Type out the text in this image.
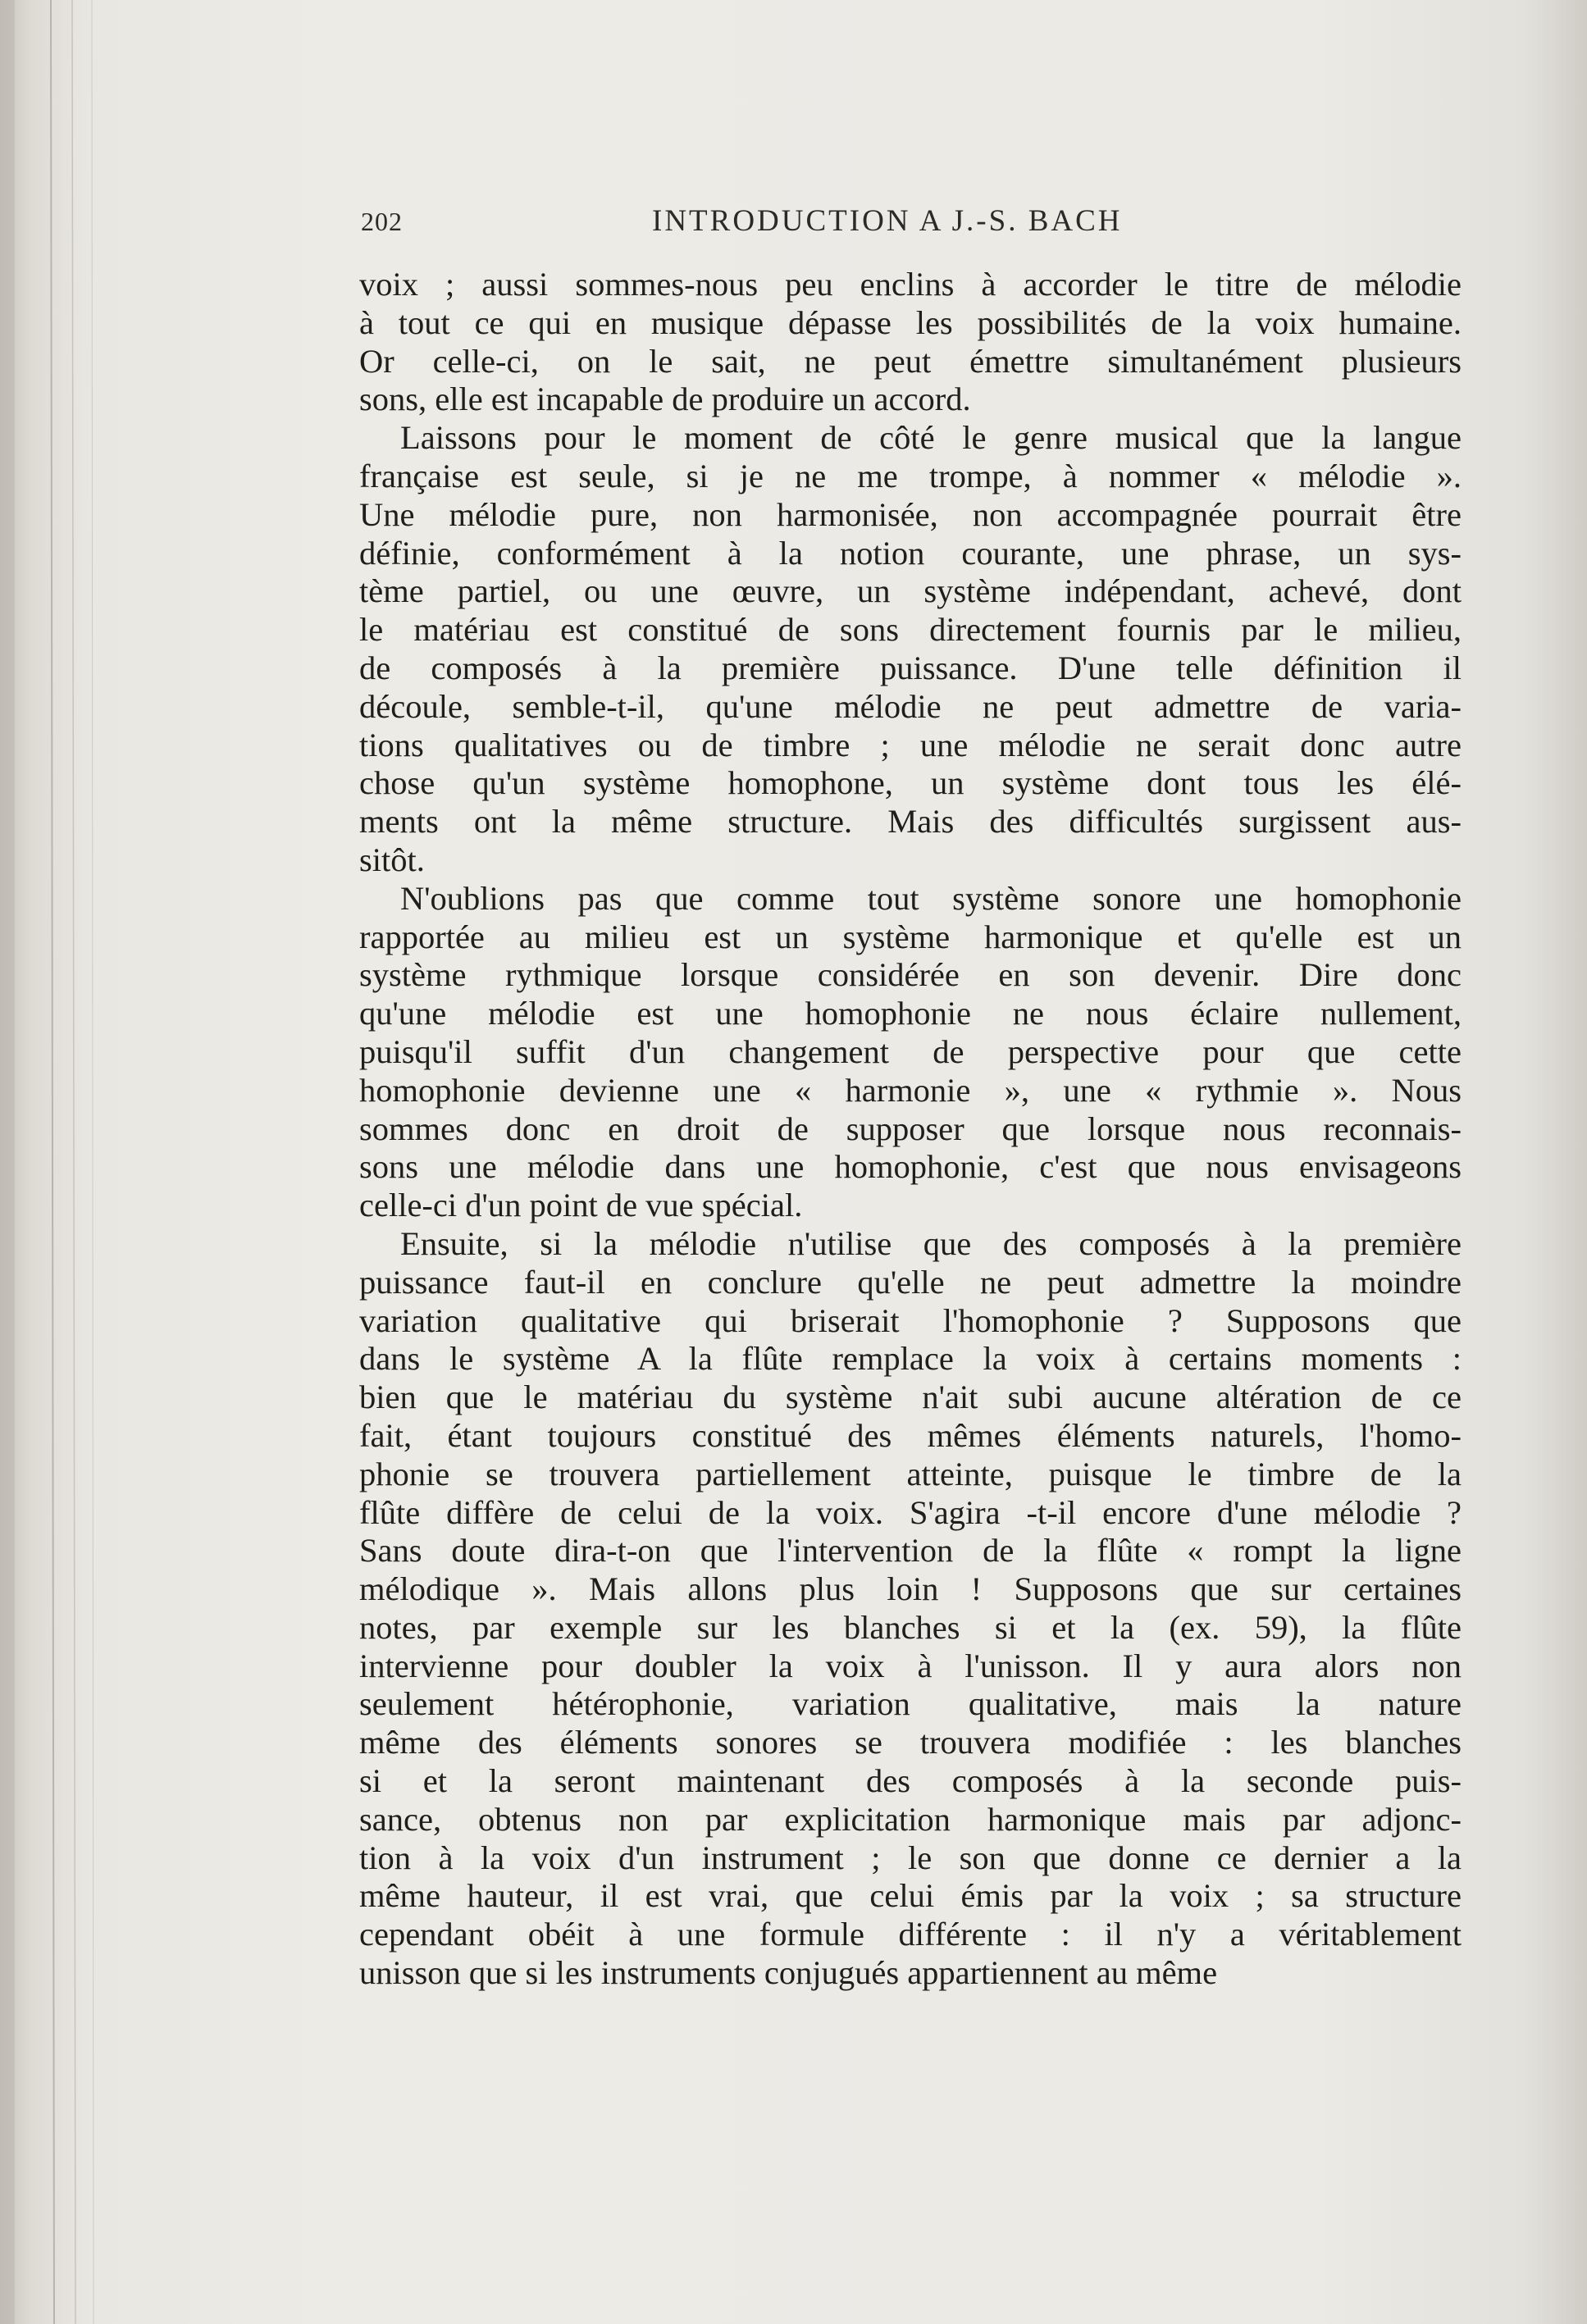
202	INTRODUCTION A J.-S. BACH
voix ; aussi sommes-nous peu enclins à accorder le titre de mélodie
à tout ce qui en musique dépasse les possibilités de la voix humaine.
Or celle-ci, on le sait, ne peut émettre simultanément plusieurs
sons, elle est incapable de produire un accord.
Laissons pour le moment de côté le genre musical que la langue
française est seule, si je ne me trompe, à nommer « mélodie ».
Une mélodie pure, non harmonisée, non accompagnée pourrait être
définie, conformément à la notion courante, une phrase, un sys-
tème partiel, ou une œuvre, un système indépendant, achevé, dont
le matériau est constitué de sons directement fournis par le milieu,
de composés à la première puissance. D'une telle définition il
découle, semble-t-il, qu'une mélodie ne peut admettre de varia-
tions qualitatives ou de timbre ; une mélodie ne serait donc autre
chose qu'un système homophone, un système dont tous les élé-
ments ont la même structure. Mais des difficultés surgissent aus-
sitôt.
N'oublions pas que comme tout système sonore une homophonie
rapportée au milieu est un système harmonique et qu'elle est un
système rythmique lorsque considérée en son devenir. Dire donc
qu'une mélodie est une homophonie ne nous éclaire nullement,
puisqu'il suffit d'un changement de perspective pour que cette
homophonie devienne une « harmonie », une « rythmie ». Nous
sommes donc en droit de supposer que lorsque nous reconnais-
sons une mélodie dans une homophonie, c'est que nous envisageons
celle-ci d'un point de vue spécial.
Ensuite, si la mélodie n'utilise que des composés à la première
puissance faut-il en conclure qu'elle ne peut admettre la moindre
variation qualitative qui briserait l'homophonie ? Supposons que
dans le système A la flûte remplace la voix à certains moments :
bien que le matériau du système n'ait subi aucune altération de ce
fait, étant toujours constitué des mêmes éléments naturels, l'homo-
phonie se trouvera partiellement atteinte, puisque le timbre de la
flûte diffère de celui de la voix. S'agira -t-il encore d'une mélodie ?
Sans doute dira-t-on que l'intervention de la flûte « rompt la ligne
mélodique ». Mais allons plus loin ! Supposons que sur certaines
notes, par exemple sur les blanches si et la (ex. 59), la flûte
intervienne pour doubler la voix à l'unisson. Il y aura alors non
seulement hétérophonie, variation qualitative, mais la nature
même des éléments sonores se trouvera modifiée : les blanches
si et la seront maintenant des composés à la seconde puis-
sance, obtenus non par explicitation harmonique mais par adjonc-
tion à la voix d'un instrument ; le son que donne ce dernier a la
même hauteur, il est vrai, que celui émis par la voix ; sa structure
cependant obéit à une formule différente : il n'y a véritablement
unisson que si les instruments conjugués appartiennent au même
